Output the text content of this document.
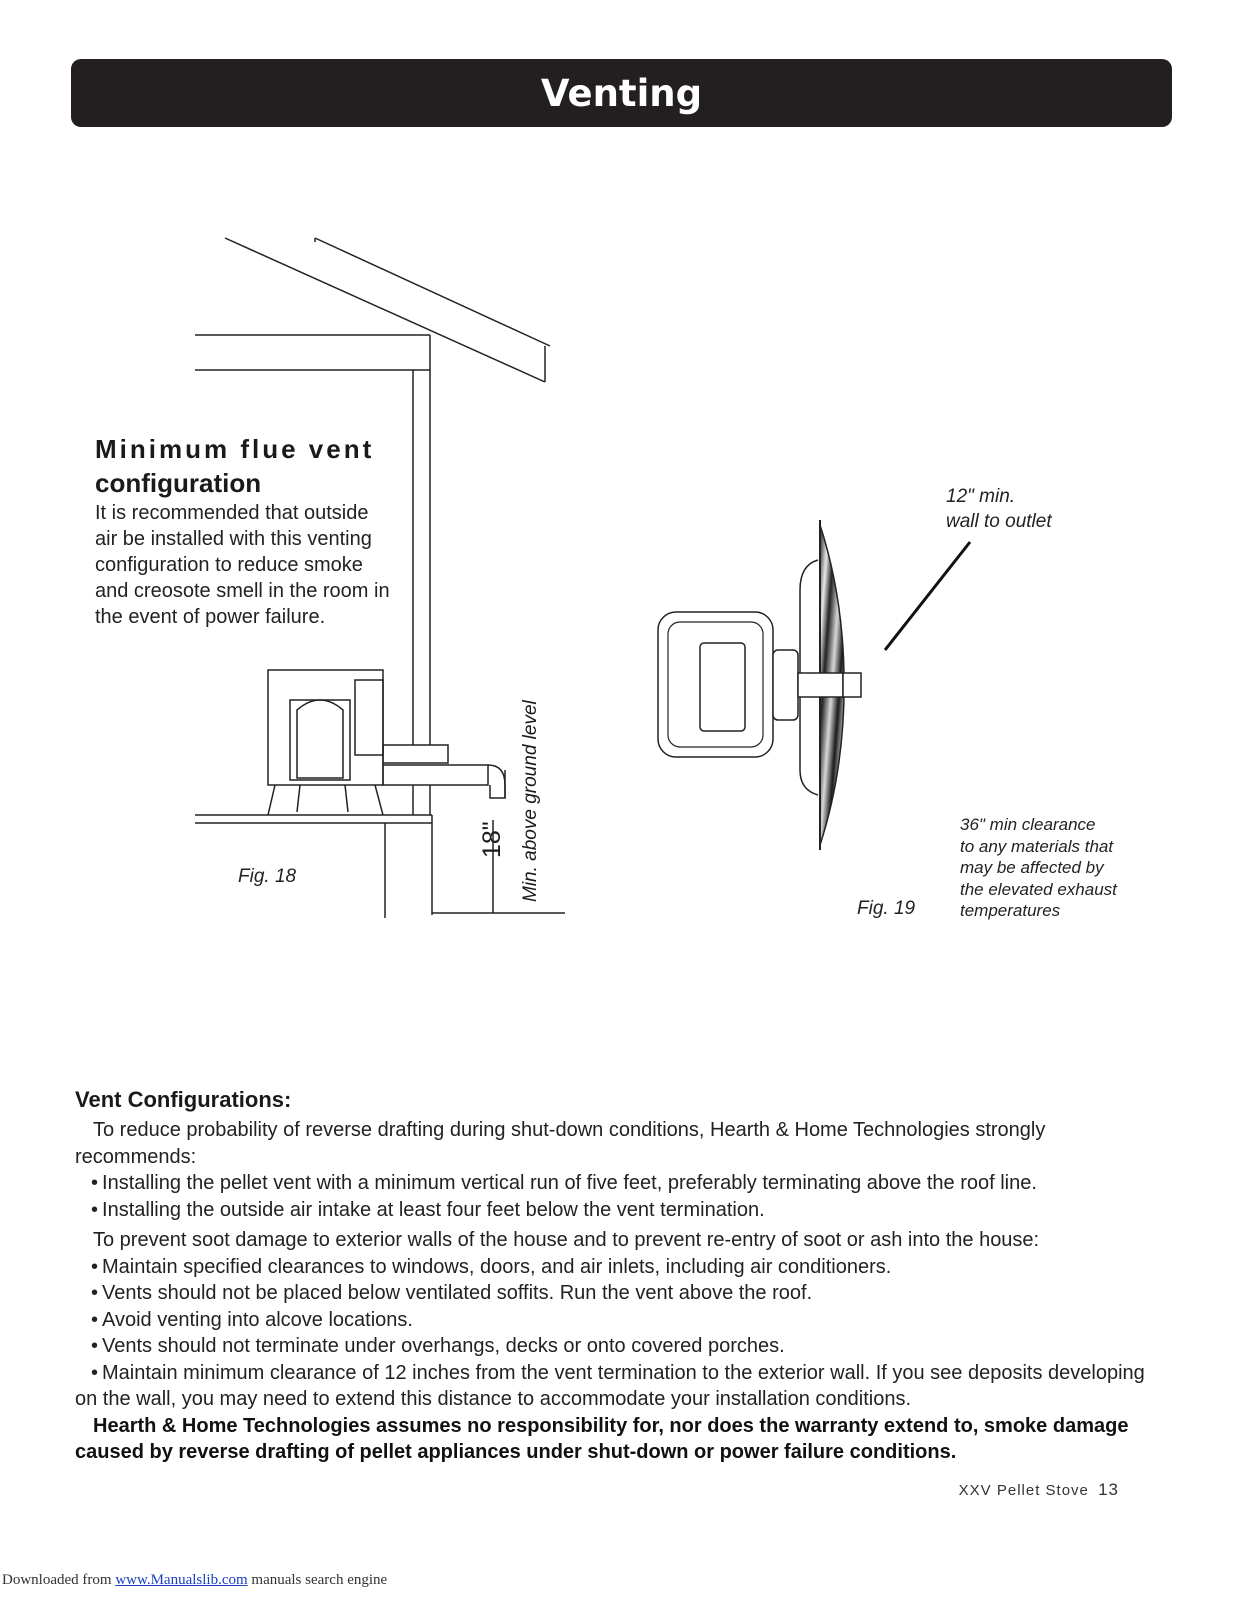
Venting
Minimum flue vent
configuration
It is recommended that outside air be installed with this venting configuration to reduce smoke and creosote smell in the room in the event of power failure.
18" Min. above ground level
Fig. 18
12" min.
wall to outlet
36" min clearance
to any materials that
may be affected by
the elevated exhaust
temperatures
Fig. 19
Vent Configurations:
To reduce probability of reverse drafting during shut-down conditions, Hearth & Home Technologies strongly recommends:
• Installing the pellet vent with a minimum vertical run of five feet, preferably terminating above the roof line.
• Installing the outside air intake at least four feet below the vent termination.
To prevent soot damage to exterior walls of the house and to prevent re-entry of soot or ash into the house:
• Maintain specified clearances to windows, doors, and air inlets, including air conditioners.
• Vents should not be placed below ventilated soffits. Run the vent above the roof.
• Avoid venting into alcove locations.
• Vents should not terminate under overhangs, decks or onto covered porches.
• Maintain minimum clearance of 12 inches from the vent termination to the exterior wall. If you see deposits developing on the wall, you may need to extend this distance to accommodate your installation conditions.
Hearth & Home Technologies assumes no responsibility for, nor does the warranty extend to, smoke damage caused by reverse drafting of pellet appliances under shut-down or power failure conditions.
XXV Pellet Stove 13
Downloaded from www.Manualslib.com manuals search engine
